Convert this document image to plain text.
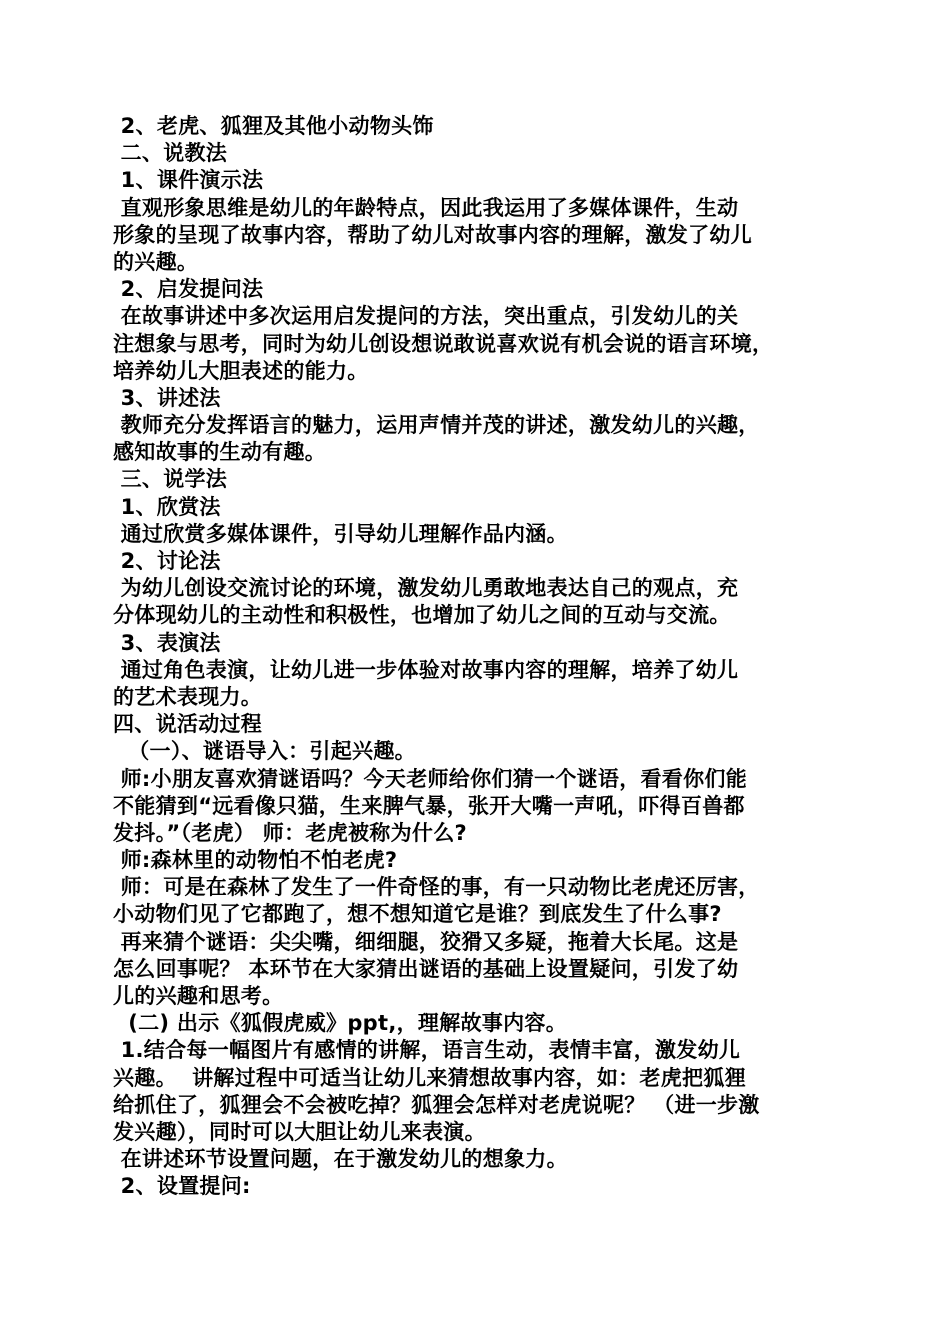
2、老虎、狐狸及其他小动物头饰
二、说教法
1、课件演示法
直观形象思维是幼儿的年龄特点，因此我运用了多媒体课件，生动
形象的呈现了故事内容，帮助了幼儿对故事内容的理解，激发了幼儿
的兴趣。
2、启发提问法
在故事讲述中多次运用启发提问的方法，突出重点，引发幼儿的关
注想象与思考，同时为幼儿创设想说敢说喜欢说有机会说的语言环境，
培养幼儿大胆表述的能力。
3、讲述法
教师充分发挥语言的魅力，运用声情并茂的讲述，激发幼儿的兴趣，
感知故事的生动有趣。
三、说学法
1、欣赏法
通过欣赏多媒体课件，引导幼儿理解作品内涵。
2、讨论法
为幼儿创设交流讨论的环境，激发幼儿勇敢地表达自己的观点，充
分体现幼儿的主动性和积极性，也增加了幼儿之间的互动与交流。
3、表演法
通过角色表演，让幼儿进一步体验对故事内容的理解，培养了幼儿
的艺术表现力。
四、说活动过程
（一）、谜语导入：引起兴趣。
师:小朋友喜欢猜谜语吗？今天老师给你们猜一个谜语，看看你们能
不能猜到“远看像只猫，生来脾气暴，张开大嘴一声吼，吓得百兽都
发抖。”（老虎） 师：老虎被称为什么?
师:森林里的动物怕不怕老虎?
师：可是在森林了发生了一件奇怪的事，有一只动物比老虎还厉害，
小动物们见了它都跑了，想不想知道它是谁？到底发生了什么事?
再来猜个谜语：尖尖嘴，细细腿，狡猾又多疑，拖着大长尾。这是
怎么回事呢？ 本环节在大家猜出谜语的基础上设置疑问，引发了幼
儿的兴趣和思考。
(二) 出示《狐假虎威》ppt,，理解故事内容。
1.结合每一幅图片有感情的讲解，语言生动，表情丰富，激发幼儿
兴趣。  讲解过程中可适当让幼儿来猜想故事内容，如：老虎把狐狸
给抓住了，狐狸会不会被吃掉？狐狸会怎样对老虎说呢？ （进一步激
发兴趣），同时可以大胆让幼儿来表演。
在讲述环节设置问题，在于激发幼儿的想象力。
2、设置提问:
